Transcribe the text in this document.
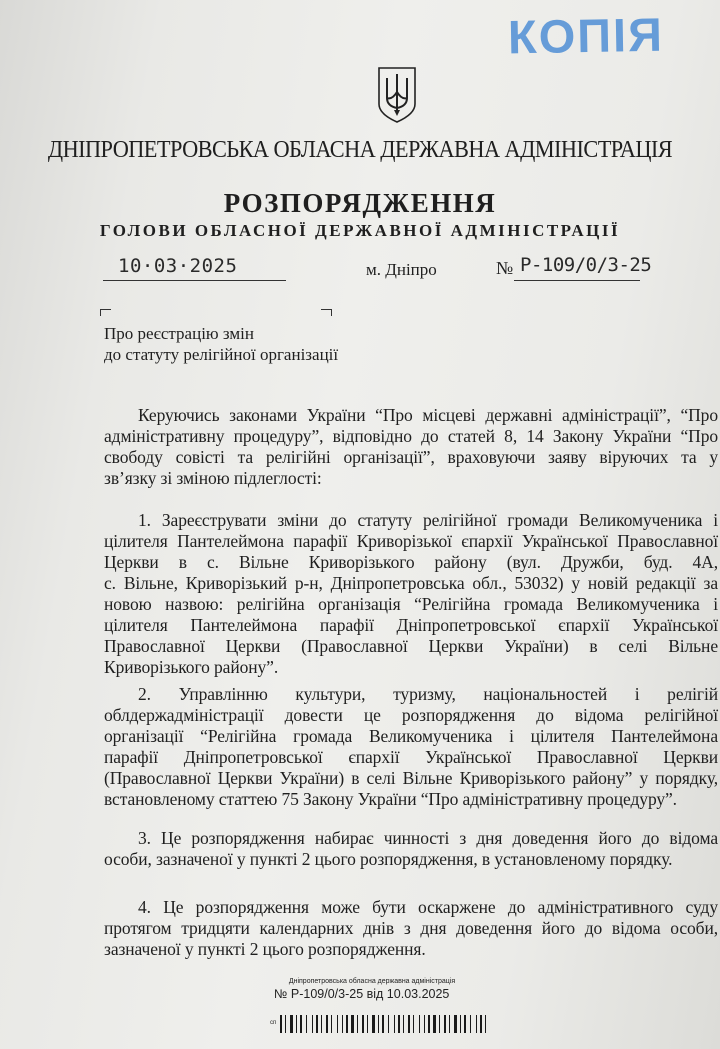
КОПІЯ
ДНІПРОПЕТРОВСЬКА ОБЛАСНА ДЕРЖАВНА АДМІНІСТРАЦІЯ
РОЗПОРЯДЖЕННЯ
ГОЛОВИ ОБЛАСНОЇ ДЕРЖАВНОЇ АДМІНІСТРАЦІЇ
10·03·2025	м. Дніпро	№ Р-109/0/3-25
Про реєстрацію змін
до статуту релігійної організації
Керуючись законами України “Про місцеві державні адміністрації”, “Про
адміністративну процедуру”, відповідно до статей 8, 14 Закону України “Про
свободу совісті та релігійні організації”, враховуючи заяву віруючих та у
зв’язку зі зміною підлеглості:
1. Зареєструвати зміни до статуту релігійної громади Великомученика і
цілителя Пантелеймона парафії Криворізької єпархії Української Православної
Церкви в с. Вільне Криворізького району (вул. Дружби, буд. 4А,
с. Вільне, Криворізький р-н, Дніпропетровська обл., 53032) у новій редакції за
новою назвою: релігійна організація “Релігійна громада Великомученика і
цілителя Пантелеймона парафії Дніпропетровської єпархії Української
Православної Церкви (Православної Церкви України) в селі Вільне
Криворізького району”.
2. Управлінню культури, туризму, національностей і релігій
облдержадміністрації довести це розпорядження до відома релігійної
організації “Релігійна громада Великомученика і цілителя Пантелеймона
парафії Дніпропетровської єпархії Української Православної Церкви
(Православної Церкви України) в селі Вільне Криворізького району” у порядку,
встановленому статтею 75 Закону України “Про адміністративну процедуру”.
3. Це розпорядження набирає чинності з дня доведення його до відома
особи, зазначеної у пункті 2 цього розпорядження, в установленому порядку.
4. Це розпорядження може бути оскаржене до адміністративного суду
протягом тридцяти календарних днів з дня доведення його до відома особи,
зазначеної у пункті 2 цього розпорядження.
Дніпропетровська обласна державна адміністрація
№ Р-109/0/3-25 від 10.03.2025
сп
